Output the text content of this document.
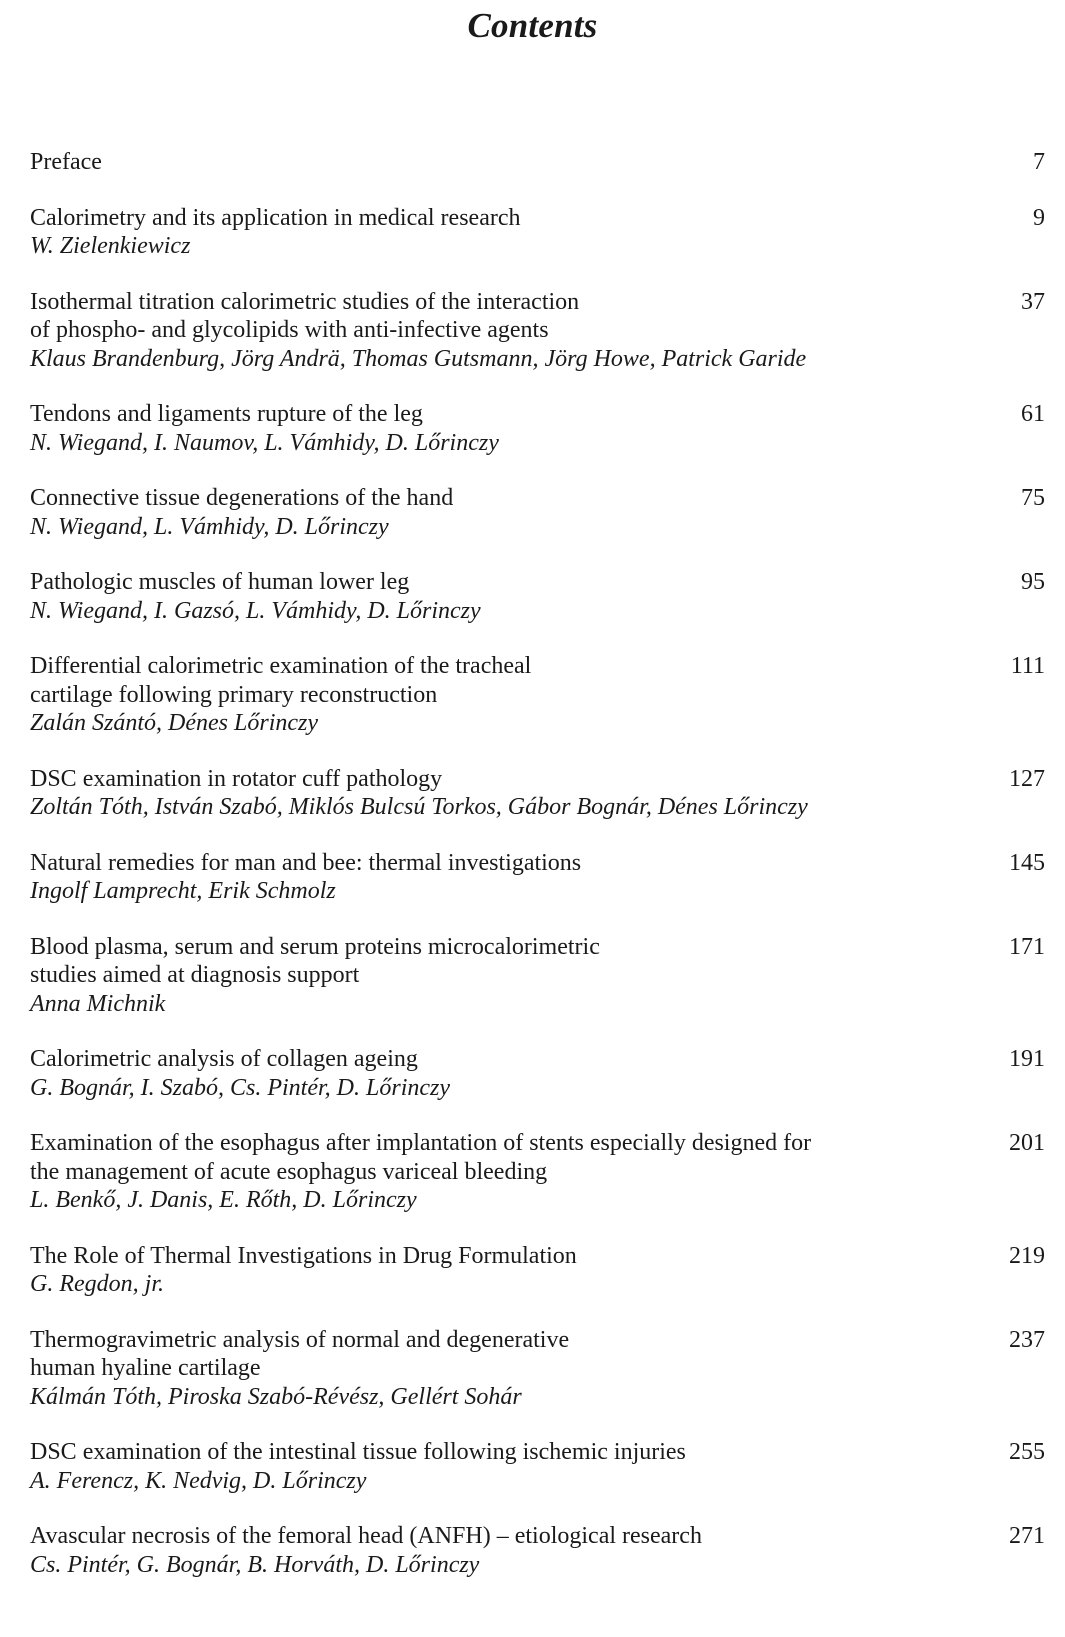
Contents
Preface	7
Calorimetry and its application in medical research
W. Zielenkiewicz
9
Isothermal titration calorimetric studies of the interaction
of phospho- and glycolipids with anti-infective agents
Klaus Brandenburg, Jörg Andrä, Thomas Gutsmann, Jörg Howe, Patrick Garide
37
Tendons and ligaments rupture of the leg
N. Wiegand, I. Naumov, L. Vámhidy, D. Lőrinczy
61
Connective tissue degenerations of the hand
N. Wiegand, L. Vámhidy, D. Lőrinczy
75
Pathologic muscles of human lower leg
N. Wiegand, I. Gazsó, L. Vámhidy, D. Lőrinczy
95
Differential calorimetric examination of the tracheal
cartilage following primary reconstruction
Zalán Szántó, Dénes Lőrinczy
111
DSC examination in rotator cuff pathology
Zoltán Tóth, István Szabó, Miklós Bulcsú Torkos, Gábor Bognár, Dénes Lőrinczy
127
Natural remedies for man and bee: thermal investigations
Ingolf Lamprecht, Erik Schmolz
145
Blood plasma, serum and serum proteins microcalorimetric
studies aimed at diagnosis support
Anna Michnik
171
Calorimetric analysis of collagen ageing
G. Bognár, I. Szabó, Cs. Pintér, D. Lőrinczy
191
Examination of the esophagus after implantation of stents especially designed for
the management of acute esophagus variceal bleeding
L. Benkő, J. Danis, E. Rőth, D. Lőrinczy
201
The Role of Thermal Investigations in Drug Formulation
G. Regdon, jr.
219
Thermogravimetric analysis of normal and degenerative
human hyaline cartilage
Kálmán Tóth, Piroska Szabó-Révész, Gellért Sohár
237
DSC examination of the intestinal tissue following ischemic injuries
A. Ferencz, K. Nedvig, D. Lőrinczy
255
Avascular necrosis of the femoral head (ANFH) – etiological research
Cs. Pintér, G. Bognár, B. Horváth, D. Lőrinczy
271
